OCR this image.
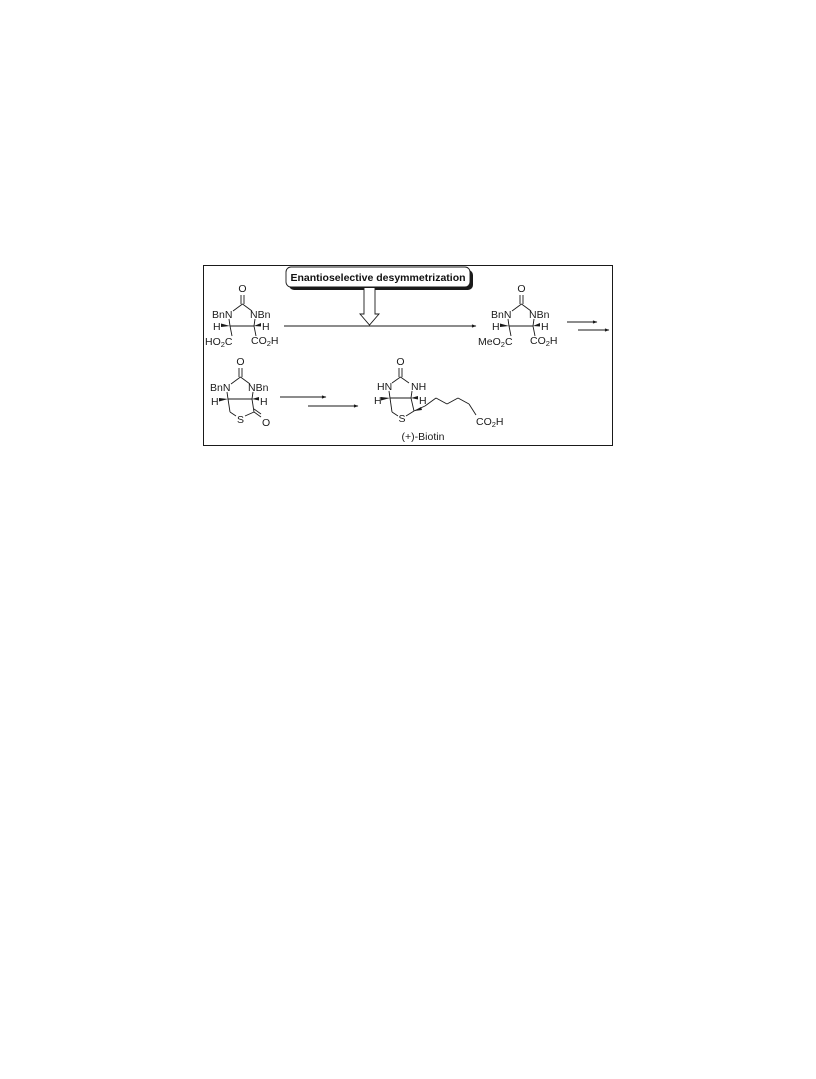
Enantioselective desymmetrization
O
BnN NBn
H	H
HO2C CO2H
O
BnN NBn
H	H
MeO2C CO2H
O
BnN NBn
H	H
S O
O
HN NH
H	H
S	CO2H
(+)-Biotin
